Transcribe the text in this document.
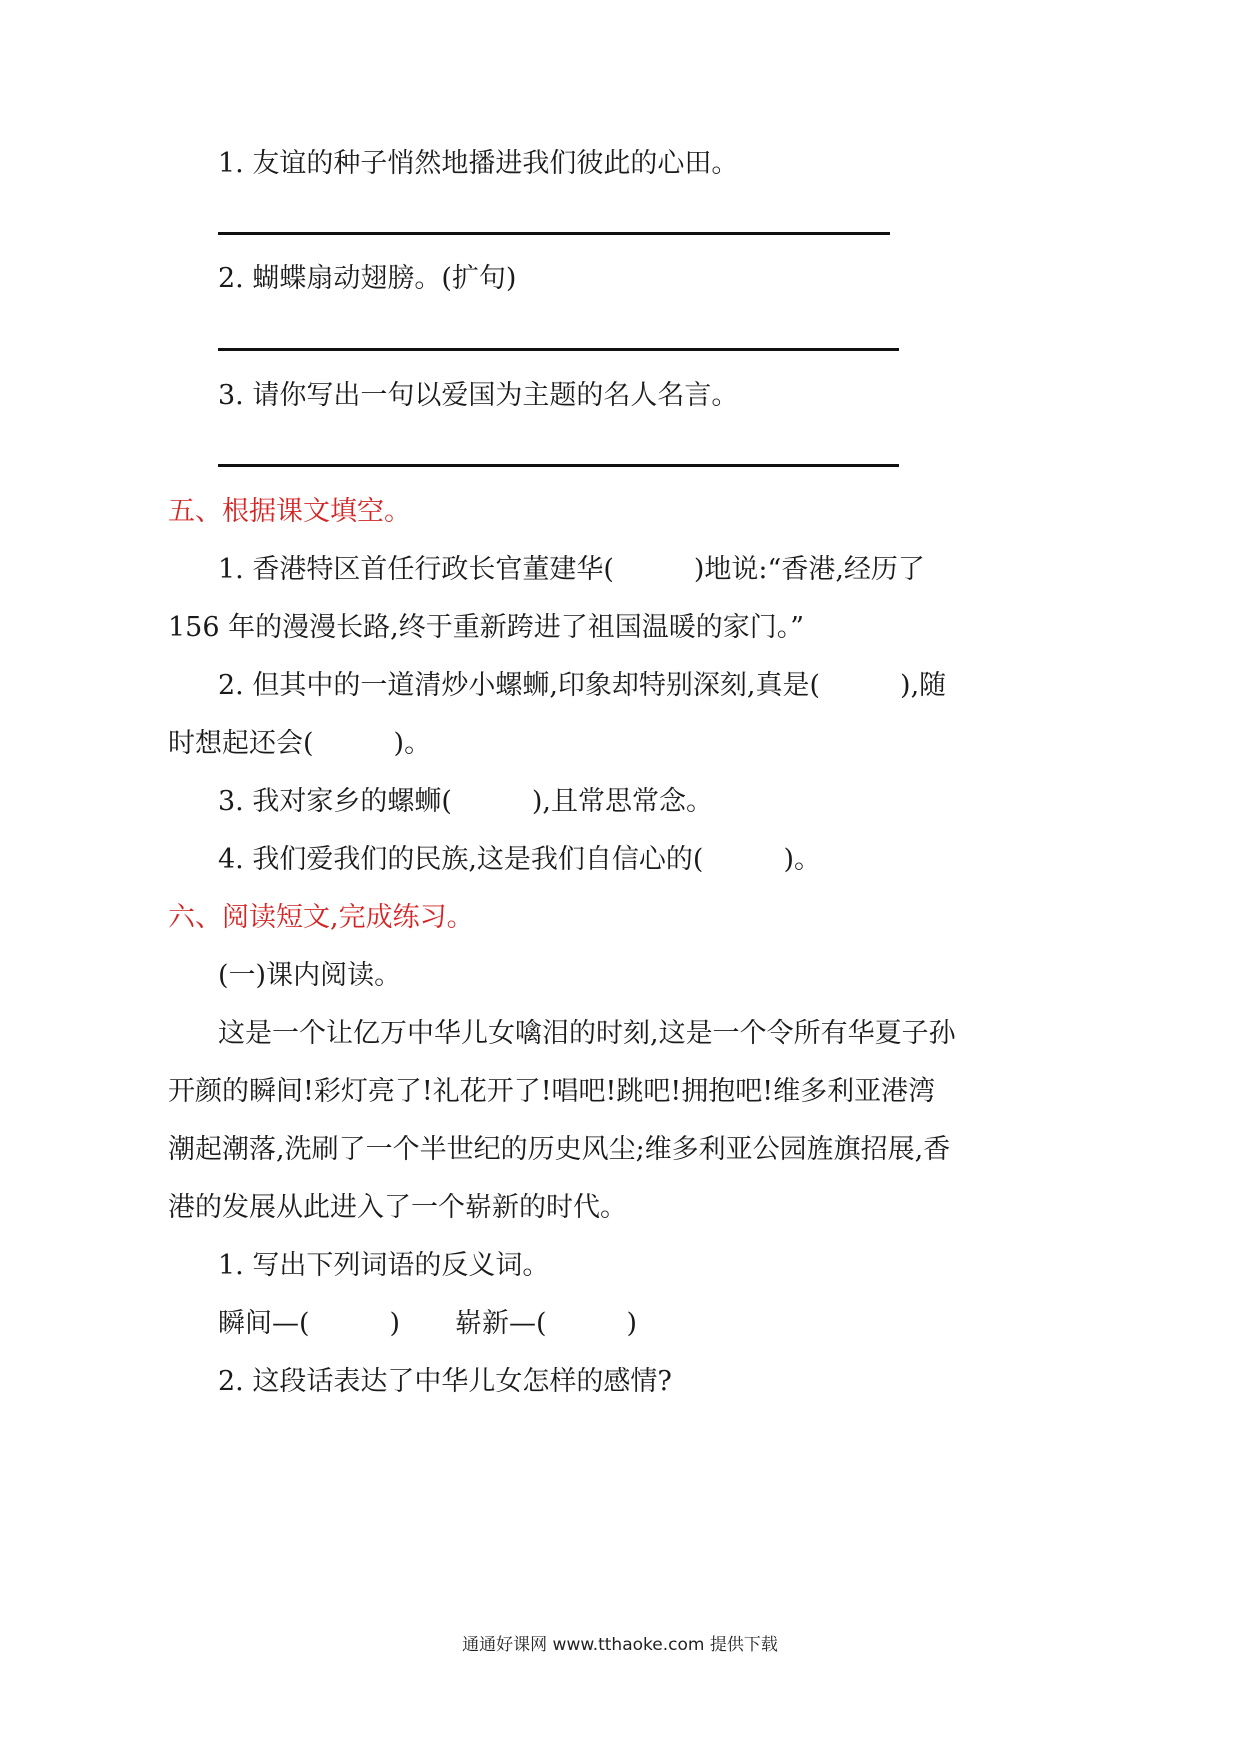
1. 友谊的种子悄然地播进我们彼此的心田。

2. 蝴蝶扇动翅膀。(扩句)

3. 请你写出一句以爱国为主题的名人名言。

五、根据课文填空。

1. 香港特区首任行政长官董建华(	)地说:“香港,经历了

156 年的漫漫长路,终于重新跨进了祖国温暖的家门。”

2. 但其中的一道清炒小螺蛳,印象却特别深刻,真是(	),随

时想起还会(	)。

3. 我对家乡的螺蛳(	),且常思常念。

4. 我们爱我们的民族,这是我们自信心的(	)。

六、阅读短文,完成练习。

(一)课内阅读。

这是一个让亿万中华儿女噙泪的时刻,这是一个令所有华夏子孙

开颜的瞬间!彩灯亮了!礼花开了!唱吧!跳吧!拥抱吧!维多利亚港湾

潮起潮落,洗刷了一个半世纪的历史风尘;维多利亚公园旌旗招展,香

港的发展从此进入了一个崭新的时代。

1. 写出下列词语的反义词。

瞬间—(	) 崭新—(	)

2. 这段话表达了中华儿女怎样的感情?

通通好课网 www.tthaoke.com 提供下载
